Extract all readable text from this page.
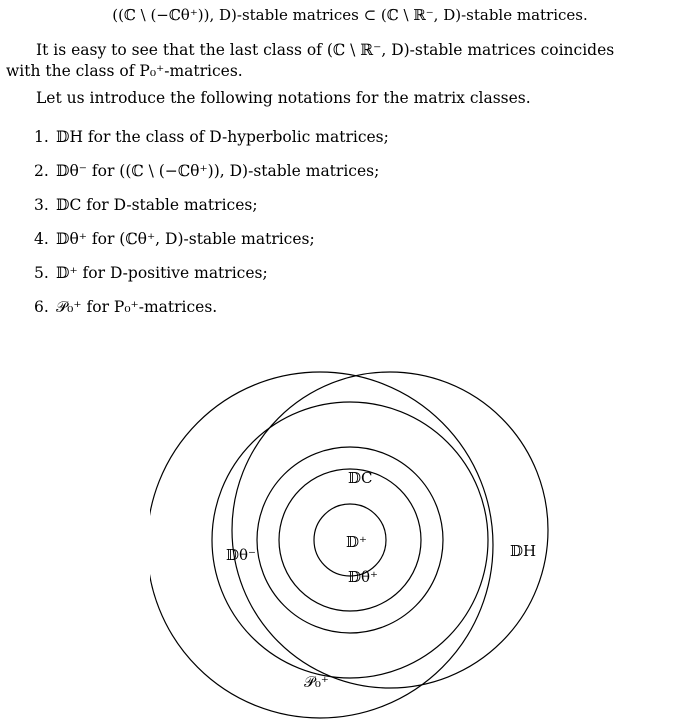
((ℂ \ (−ℂθ⁺)), D)-stable matrices ⊂ (ℂ \ ℝ⁻, D)-stable matrices.
It is easy to see that the last class of (ℂ \ ℝ⁻, D)-stable matrices coincides
with the class of P₀⁺-matrices.
Let us introduce the following notations for the matrix classes.
1. 𝔻H for the class of D-hyperbolic matrices;
2. 𝔻θ⁻ for ((ℂ \ (−ℂθ⁺)), D)-stable matrices;
3. 𝔻C for D-stable matrices;
4. 𝔻θ⁺ for (ℂθ⁺, D)-stable matrices;
5. 𝔻⁺ for D-positive matrices;
6. 𝒫₀⁺ for P₀⁺-matrices.
𝔻C
𝔻⁺
𝔻θ⁺
𝔻θ⁻	𝔻H
𝒫₀⁺
